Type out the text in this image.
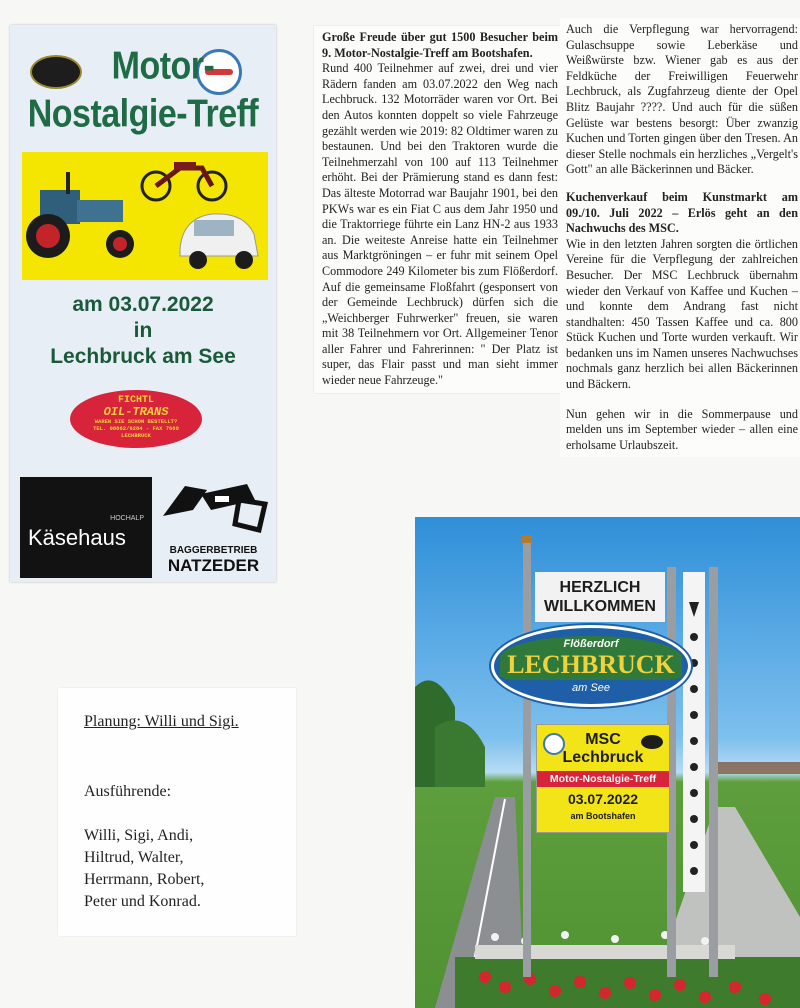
Motor-
Nostalgie-Treff
am 03.07.2022
in
Lechbruck am See
FICHTL
OIL-TRANS
WAREN SIE SCHON BESTELLT?
TEL. 08862/6284 - FAX 7689
LECHBRUCK
HOCHALP
Käsehaus
BAGGERBETRIEB
NATZEDER

Große Freude über gut 1500 Besucher beim 9. Motor-Nostalgie-Treff am Bootshafen.

Rund 400 Teilnehmer auf zwei, drei und vier Rädern fanden am 03.07.2022 den Weg nach Lechbruck. 132 Motorräder waren vor Ort. Bei den Autos konnten doppelt so viele Fahrzeuge gezählt werden wie 2019: 82 Oldtimer waren zu bestaunen. Und bei den Traktoren wurde die Teilnehmerzahl von 100 auf 113 Teilnehmer erhöht. Bei der Prämierung stand es dann fest: Das älteste Motorrad war Baujahr 1901, bei den PKWs war es ein Fiat C aus dem Jahr 1950 und die Traktorriege führte ein Lanz HN-2 aus 1933 an. Die weiteste Anreise hatte ein Teilnehmer aus Marktgröningen – er fuhr mit seinem Opel Commodore 249 Kilometer bis zum Flößerdorf. Auf die gemeinsame Floßfahrt (gesponsert von der Gemeinde Lechbruck) dürfen sich die „Weichberger Fuhrwerker" freuen, sie waren mit 38 Teilnehmern vor Ort. Allgemeiner Tenor aller Fahrer und Fahrerinnen: " Der Platz ist super, das Flair passt und man sieht immer wieder neue Fahrzeuge."

Auch die Verpflegung war hervorragend: Gulaschsuppe sowie Leberkäse und Weißwürste bzw. Wiener gab es aus der Feldküche der Freiwilligen Feuerwehr Lechbruck, als Zugfahrzeug diente der Opel Blitz Baujahr ????. Und auch für die süßen Gelüste war bestens besorgt: Über zwanzig Kuchen und Torten gingen über den Tresen. An dieser Stelle nochmals ein herzliches „Vergelt's Gott" an alle Bäckerinnen und Bäcker.

Kuchenverkauf beim Kunstmarkt am 09./10. Juli 2022 – Erlös geht an den Nachwuchs des MSC.

Wie in den letzten Jahren sorgten die örtlichen Vereine für die Verpflegung der zahlreichen Besucher. Der MSC Lechbruck übernahm wieder den Verkauf von Kaffee und Kuchen – und konnte dem Andrang fast nicht standhalten: 450 Tassen Kaffee und ca. 800 Stück Kuchen und Torte wurden verkauft. Wir bedanken uns im Namen unseres Nachwuchses nochmals ganz herzlich bei allen Bäckerinnen und Bäckern.

Nun gehen wir in die Sommerpause und melden uns im September wieder – allen eine erholsame Urlaubszeit.

Planung: Willi und Sigi.
Ausführende:
Willi, Sigi, Andi,
Hiltrud, Walter,
Herrmann, Robert,
Peter und Konrad.
HERZLICH
WILLKOMMEN
Flößerdorf
LECHBRUCK
am See
MSC
Lechbruck
Motor-Nostalgie-Treff
03.07.2022
am Bootshafen
